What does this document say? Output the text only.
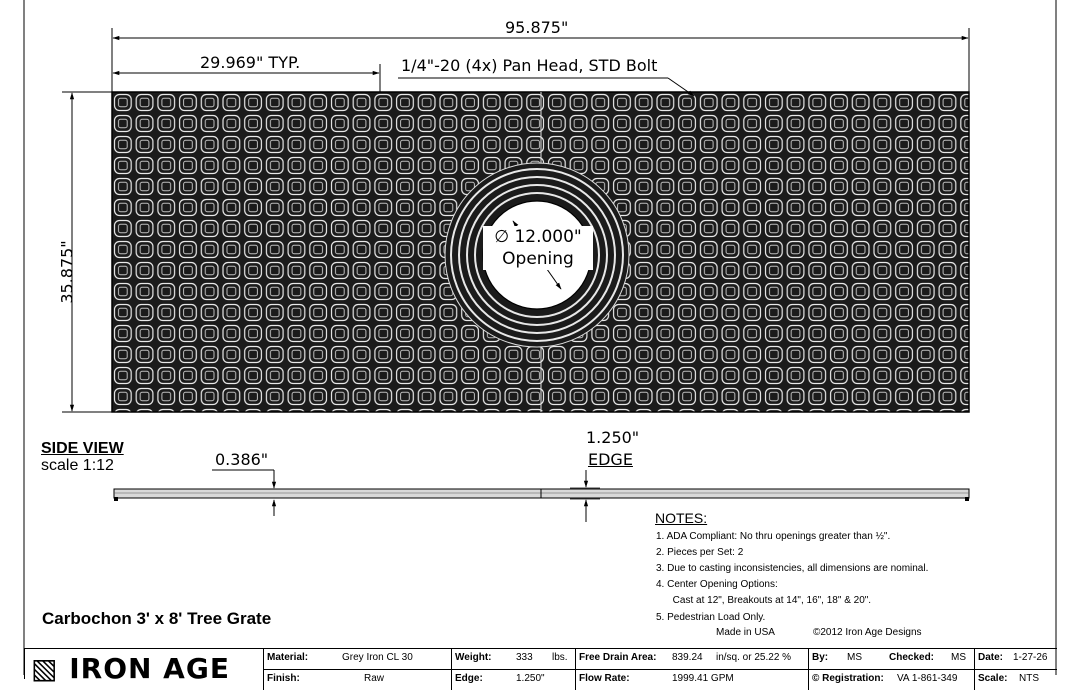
95.875"
29.969" TYP.	1/4"-20 (4x) Pan Head, STD Bolt
35.875"
∅ 12.000"
Opening
SIDE VIEW
scale 1:12	0.386"
1.250"
EDGE
NOTES:
1. ADA Compliant: No thru openings greater than ½".
2. Pieces per Set: 2
3. Due to casting inconsistencies, all dimensions are nominal.
4. Center Opening Options:
Cast at 12", Breakouts at 14", 16", 18" & 20".
5. Pedestrian Load Only.
Made in USA	©2012 Iron Age Designs
Carbochon 3' x 8' Tree Grate
▧ IRON AGE	Material:	Grey Iron CL 30	Weight: 333 lbs.	Free Drain Area: 839.24 in/sq. or 25.22 %	By: MS	Checked: MS	Date: 1-27-26
Finish:	Raw	Edge:	1.250"	Flow Rate:	1999.41 GPM	© Registration: VA 1-861-349	Scale: NTS
